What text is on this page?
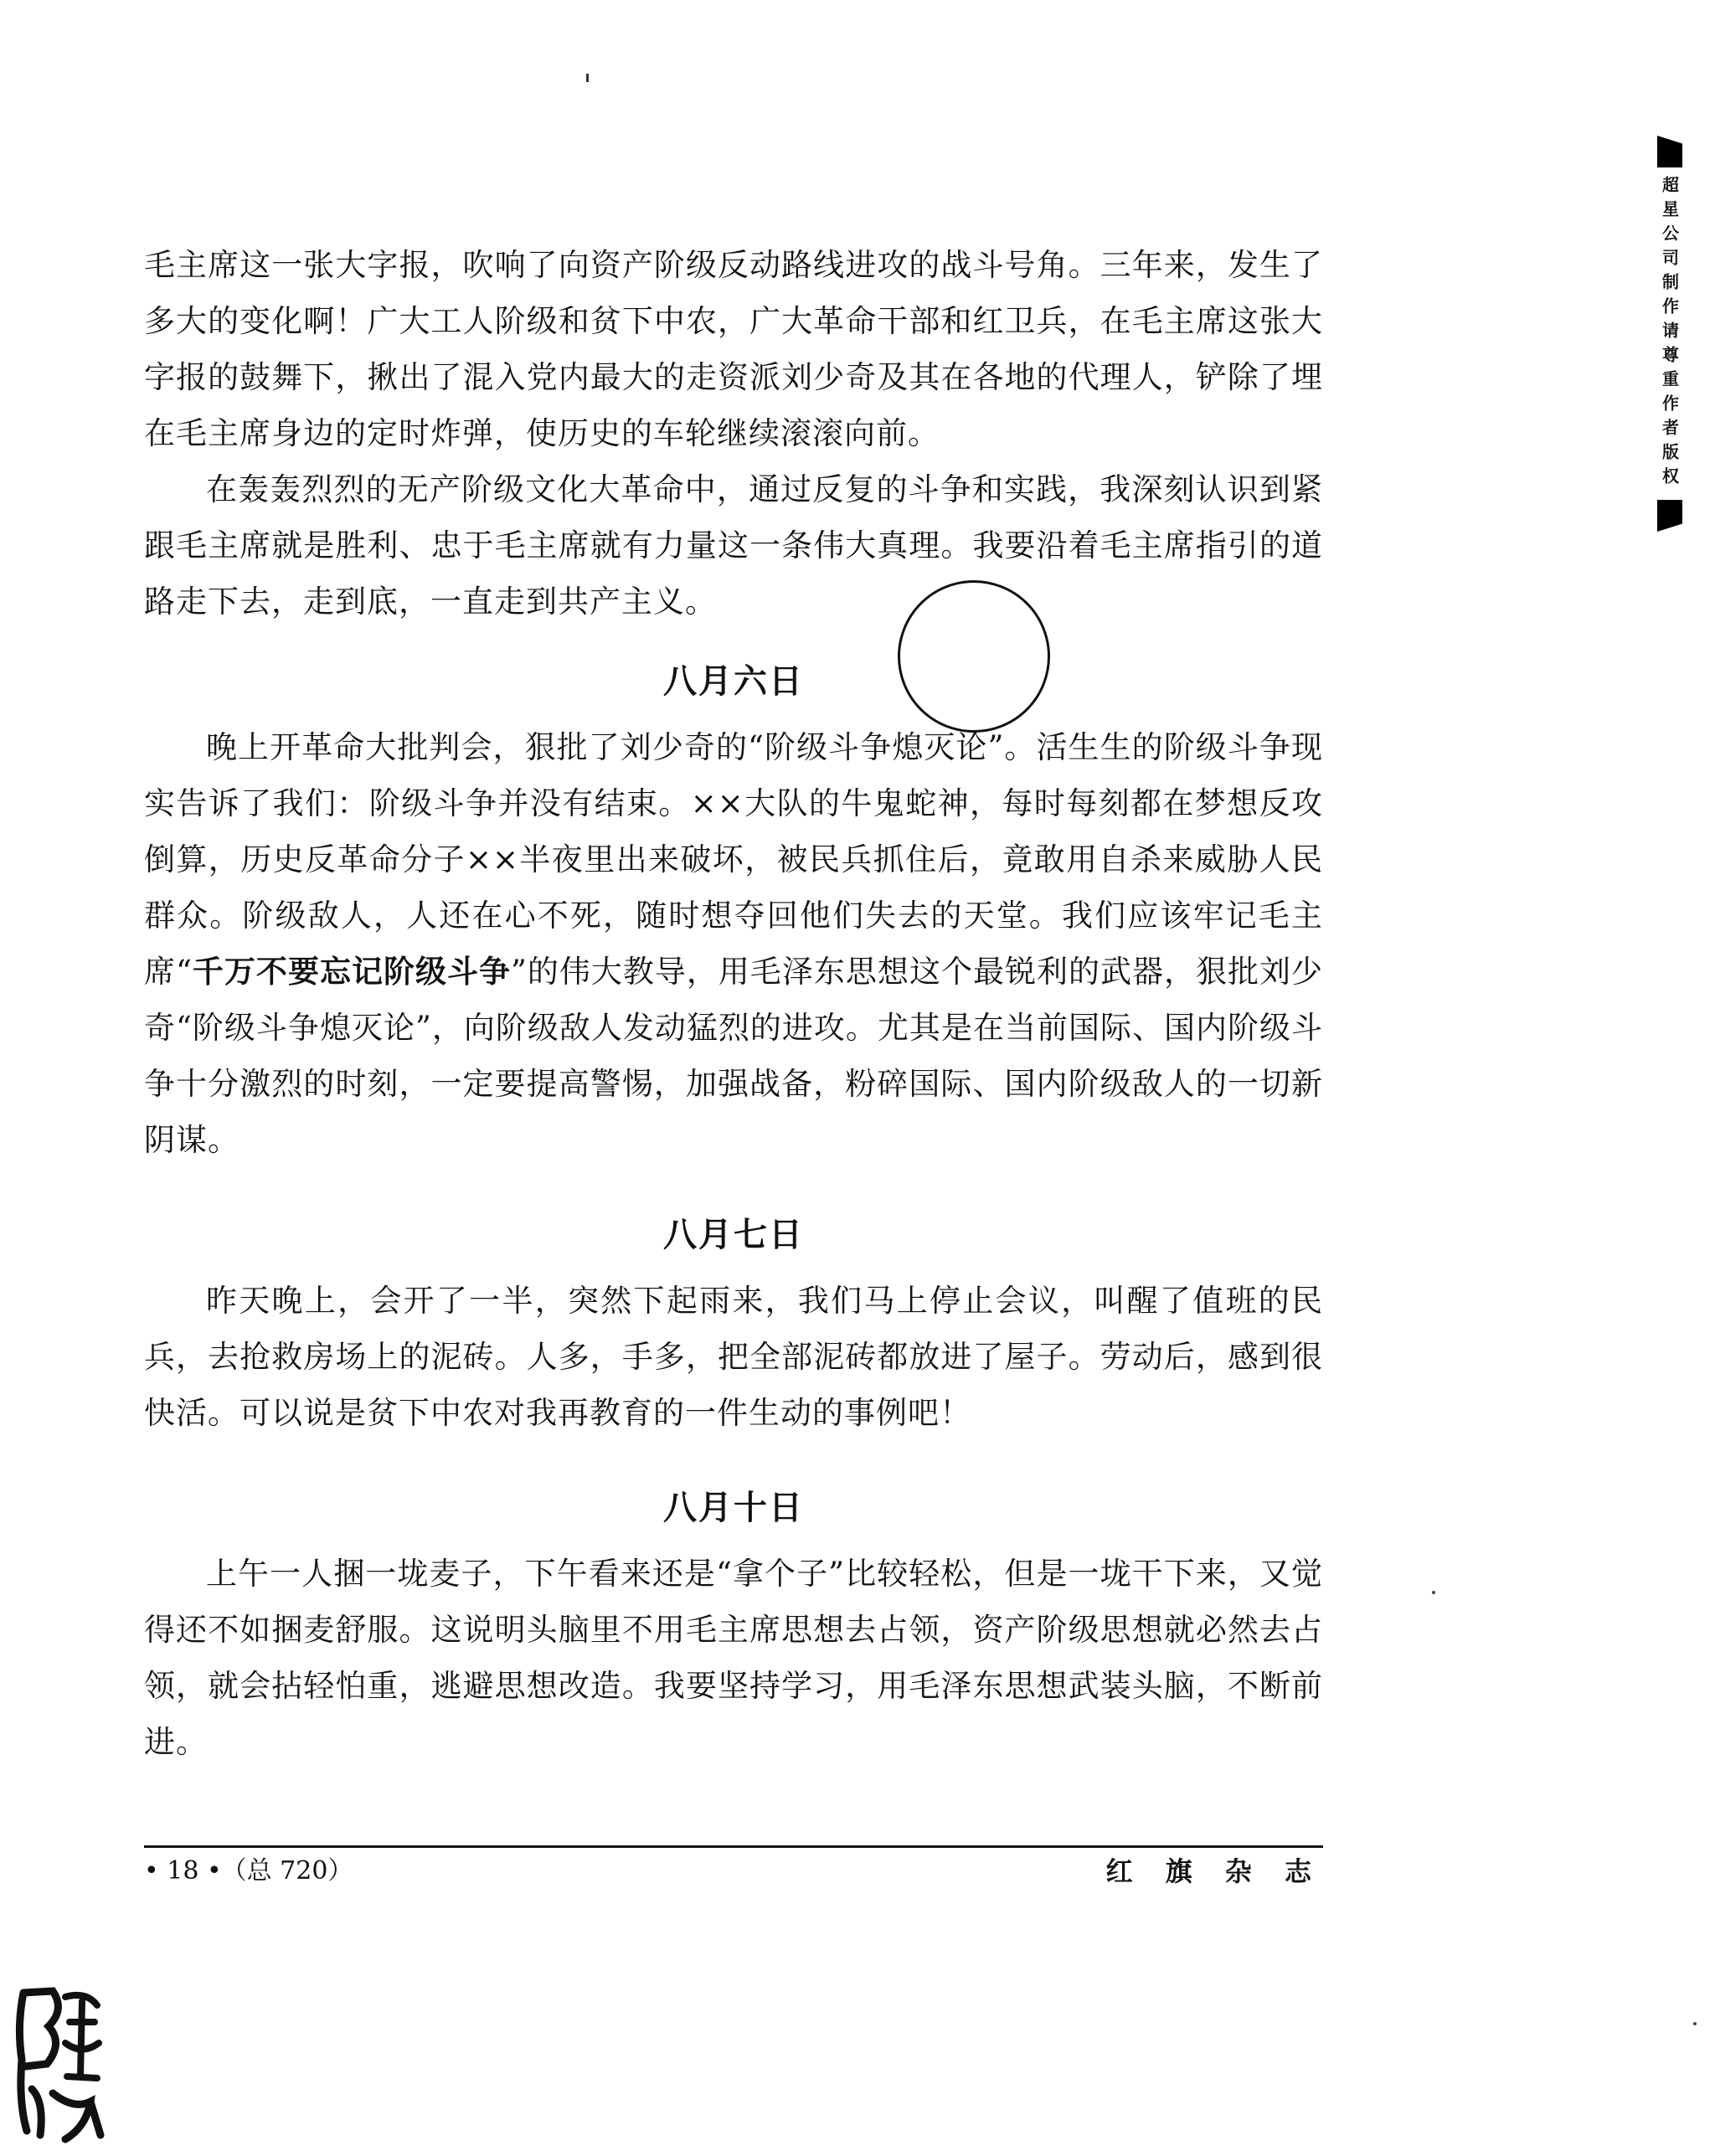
毛主席这一张大字报，吹响了向资产阶级反动路线进攻的战斗号角。三年来，发生了多大的变化啊！广大工人阶级和贫下中农，广大革命干部和红卫兵，在毛主席这张大字报的鼓舞下，揪出了混入党内最大的走资派刘少奇及其在各地的代理人，铲除了埋在毛主席身边的定时炸弹，使历史的车轮继续滚滚向前。

在轰轰烈烈的无产阶级文化大革命中，通过反复的斗争和实践，我深刻认识到紧跟毛主席就是胜利、忠于毛主席就有力量这一条伟大真理。我要沿着毛主席指引的道路走下去，走到底，一直走到共产主义。

八月六日

晚上开革命大批判会，狠批了刘少奇的“阶级斗争熄灭论”。活生生的阶级斗争现实告诉了我们：阶级斗争并没有结束。××大队的牛鬼蛇神，每时每刻都在梦想反攻倒算，历史反革命分子××半夜里出来破坏，被民兵抓住后，竟敢用自杀来威胁人民群众。阶级敌人，人还在心不死，随时想夺回他们失去的天堂。我们应该牢记毛主席“千万不要忘记阶级斗争”的伟大教导，用毛泽东思想这个最锐利的武器，狠批刘少奇“阶级斗争熄灭论”，向阶级敌人发动猛烈的进攻。尤其是在当前国际、国内阶级斗争十分激烈的时刻，一定要提高警惕，加强战备，粉碎国际、国内阶级敌人的一切新阴谋。

八月七日

昨天晚上，会开了一半，突然下起雨来，我们马上停止会议，叫醒了值班的民兵，去抢救房场上的泥砖。人多，手多，把全部泥砖都放进了屋子。劳动后，感到很快活。可以说是贫下中农对我再教育的一件生动的事例吧！

八月十日

上午一人捆一垅麦子，下午看来还是“拿个子”比较轻松，但是一垅干下来，又觉得还不如捆麦舒服。这说明头脑里不用毛主席思想去占领，资产阶级思想就必然去占领，就会拈轻怕重，逃避思想改造。我要坚持学习，用毛泽东思想武装头脑，不断前进。

• 18 •（总 720）	红 旗 杂 志
超星公司制作请尊重作者版权
